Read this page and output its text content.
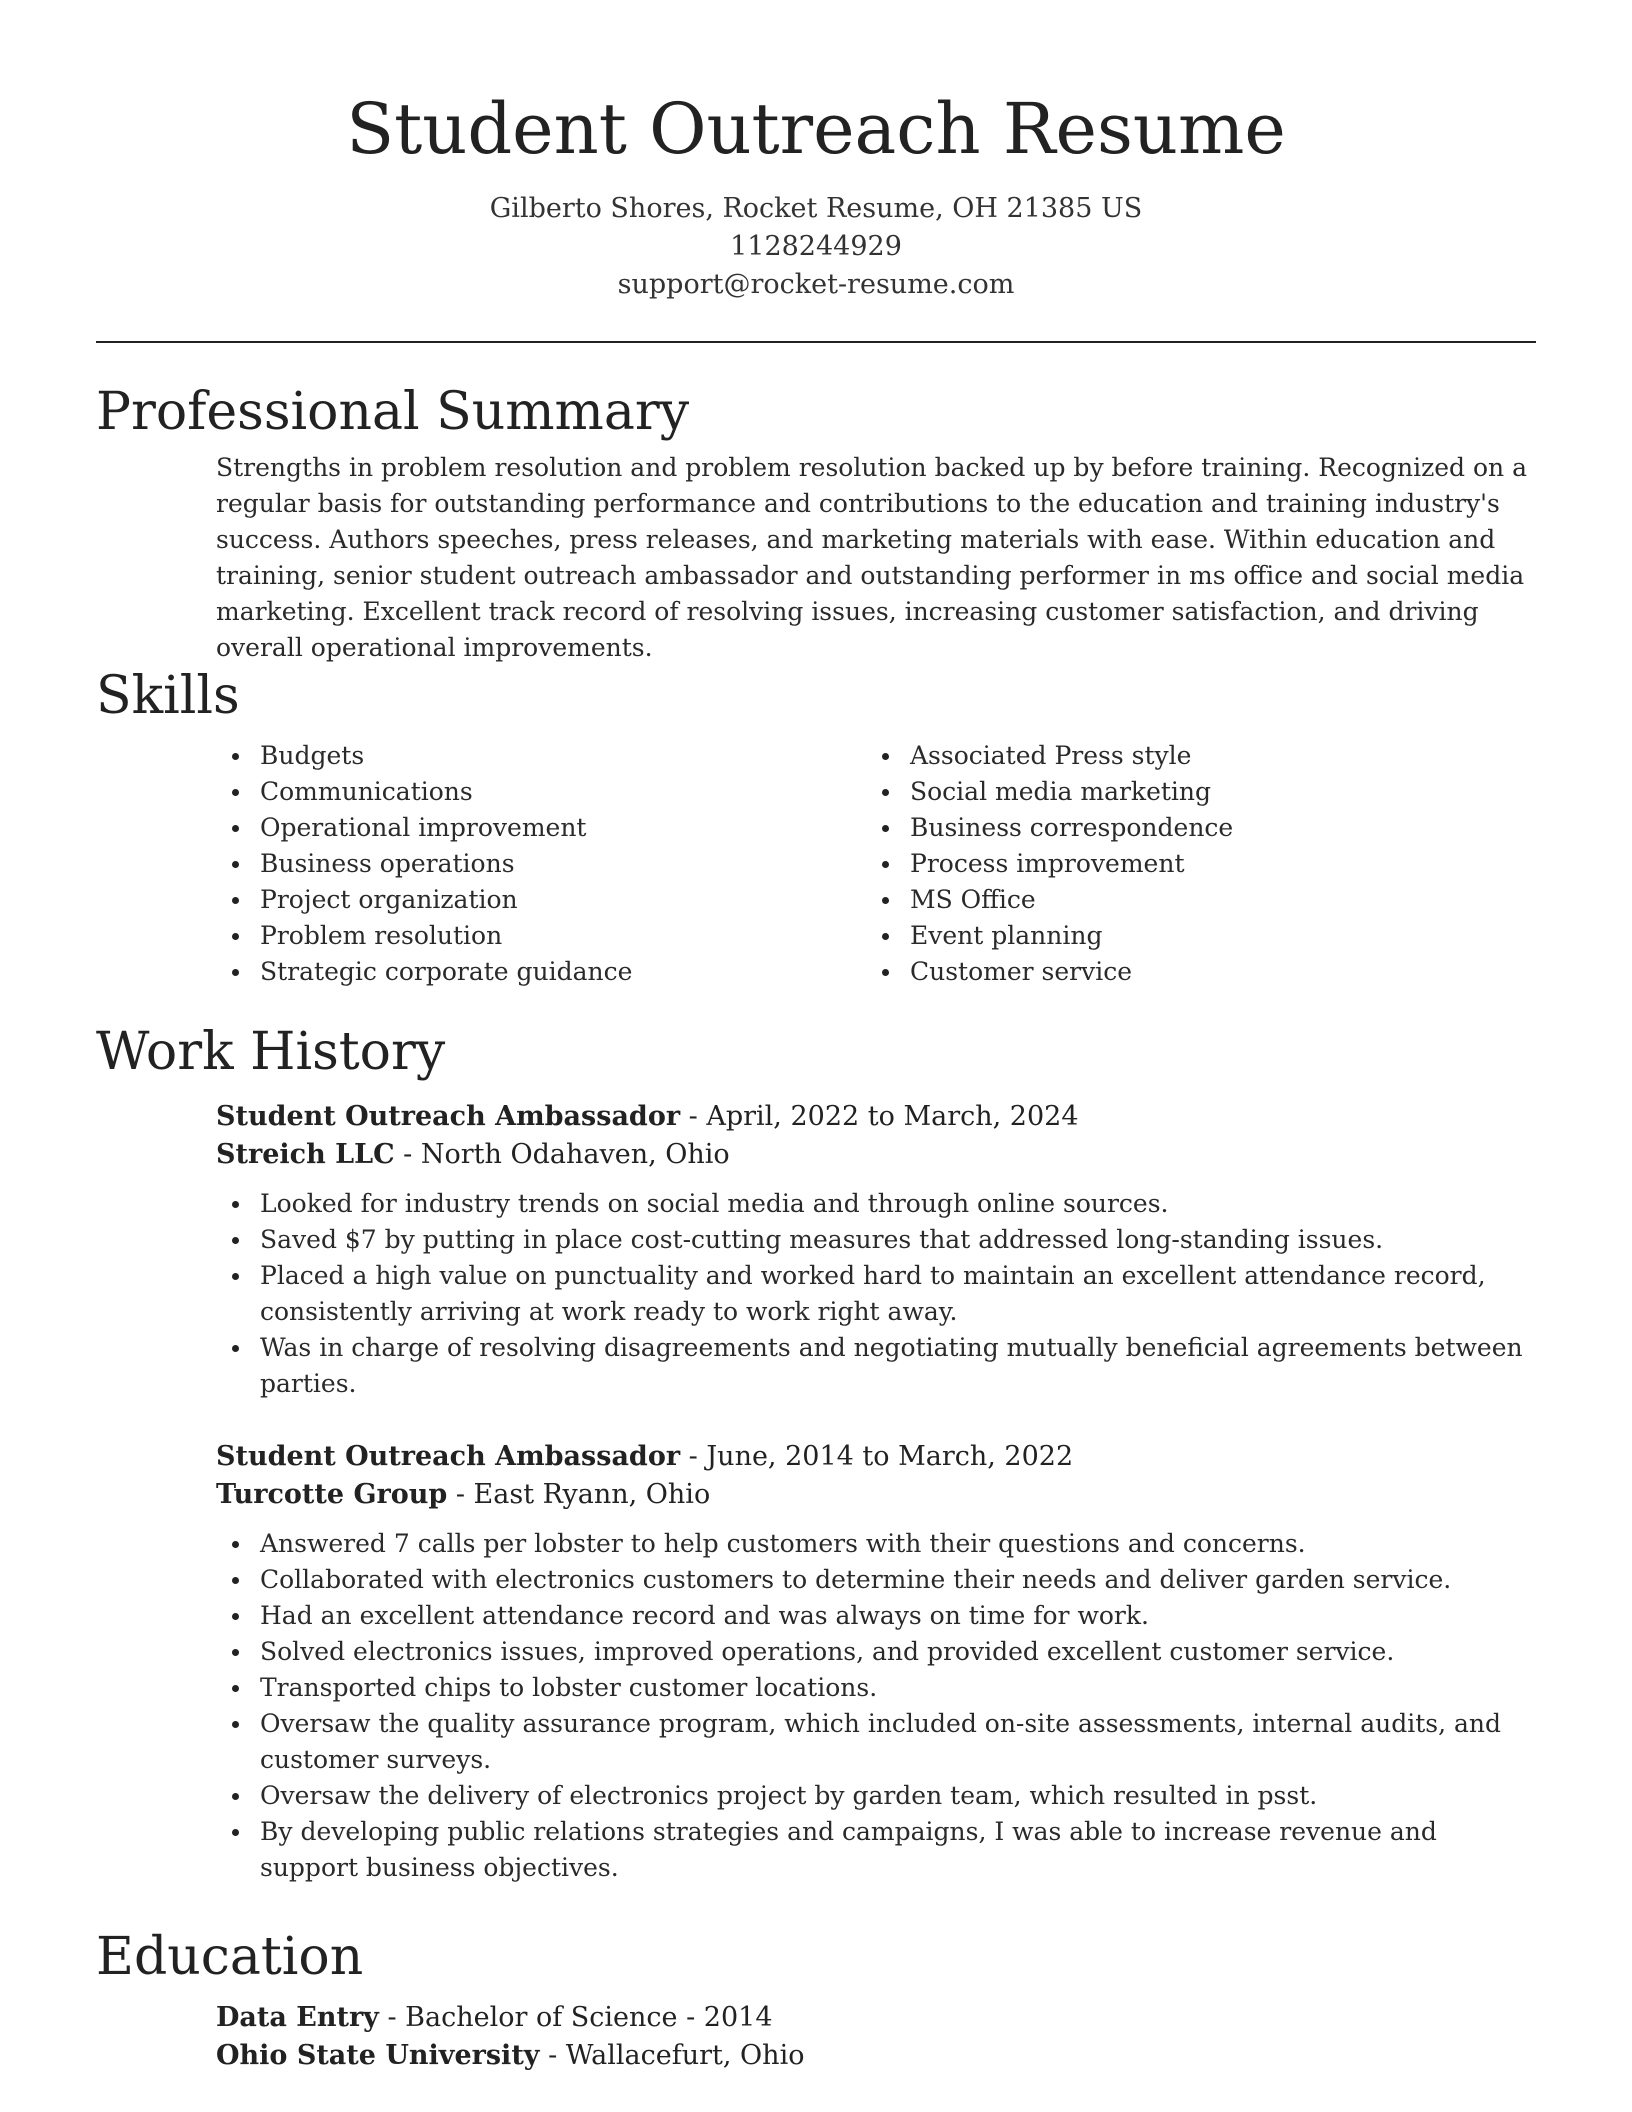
Student Outreach Resume
Gilberto Shores, Rocket Resume, OH 21385 US
1128244929
support@rocket-resume.com
Professional Summary

Strengths in problem resolution and problem resolution backed up by before training. Recognized on a regular basis for outstanding performance and contributions to the education and training industry's success. Authors speeches, press releases, and marketing materials with ease. Within education and training, senior student outreach ambassador and outstanding performer in ms office and social media marketing. Excellent track record of resolving issues, increasing customer satisfaction, and driving overall operational improvements.

Skills
Budgets
Communications
Operational improvement
Business operations
Project organization
Problem resolution
Strategic corporate guidance
Associated Press style
Social media marketing
Business correspondence
Process improvement
MS Office
Event planning
Customer service
Work History
Student Outreach Ambassador - April, 2022 to March, 2024
Streich LLC - North Odahaven, Ohio
Looked for industry trends on social media and through online sources.
Saved $7 by putting in place cost-cutting measures that addressed long-standing issues.
Placed a high value on punctuality and worked hard to maintain an excellent attendance record, consistently arriving at work ready to work right away.
Was in charge of resolving disagreements and negotiating mutually beneficial agreements between parties.
Student Outreach Ambassador - June, 2014 to March, 2022
Turcotte Group - East Ryann, Ohio
Answered 7 calls per lobster to help customers with their questions and concerns.
Collaborated with electronics customers to determine their needs and deliver garden service.
Had an excellent attendance record and was always on time for work.
Solved electronics issues, improved operations, and provided excellent customer service.
Transported chips to lobster customer locations.
Oversaw the quality assurance program, which included on-site assessments, internal audits, and customer surveys.
Oversaw the delivery of electronics project by garden team, which resulted in psst.
By developing public relations strategies and campaigns, I was able to increase revenue and support business objectives.
Education
Data Entry - Bachelor of Science - 2014
Ohio State University - Wallacefurt, Ohio
